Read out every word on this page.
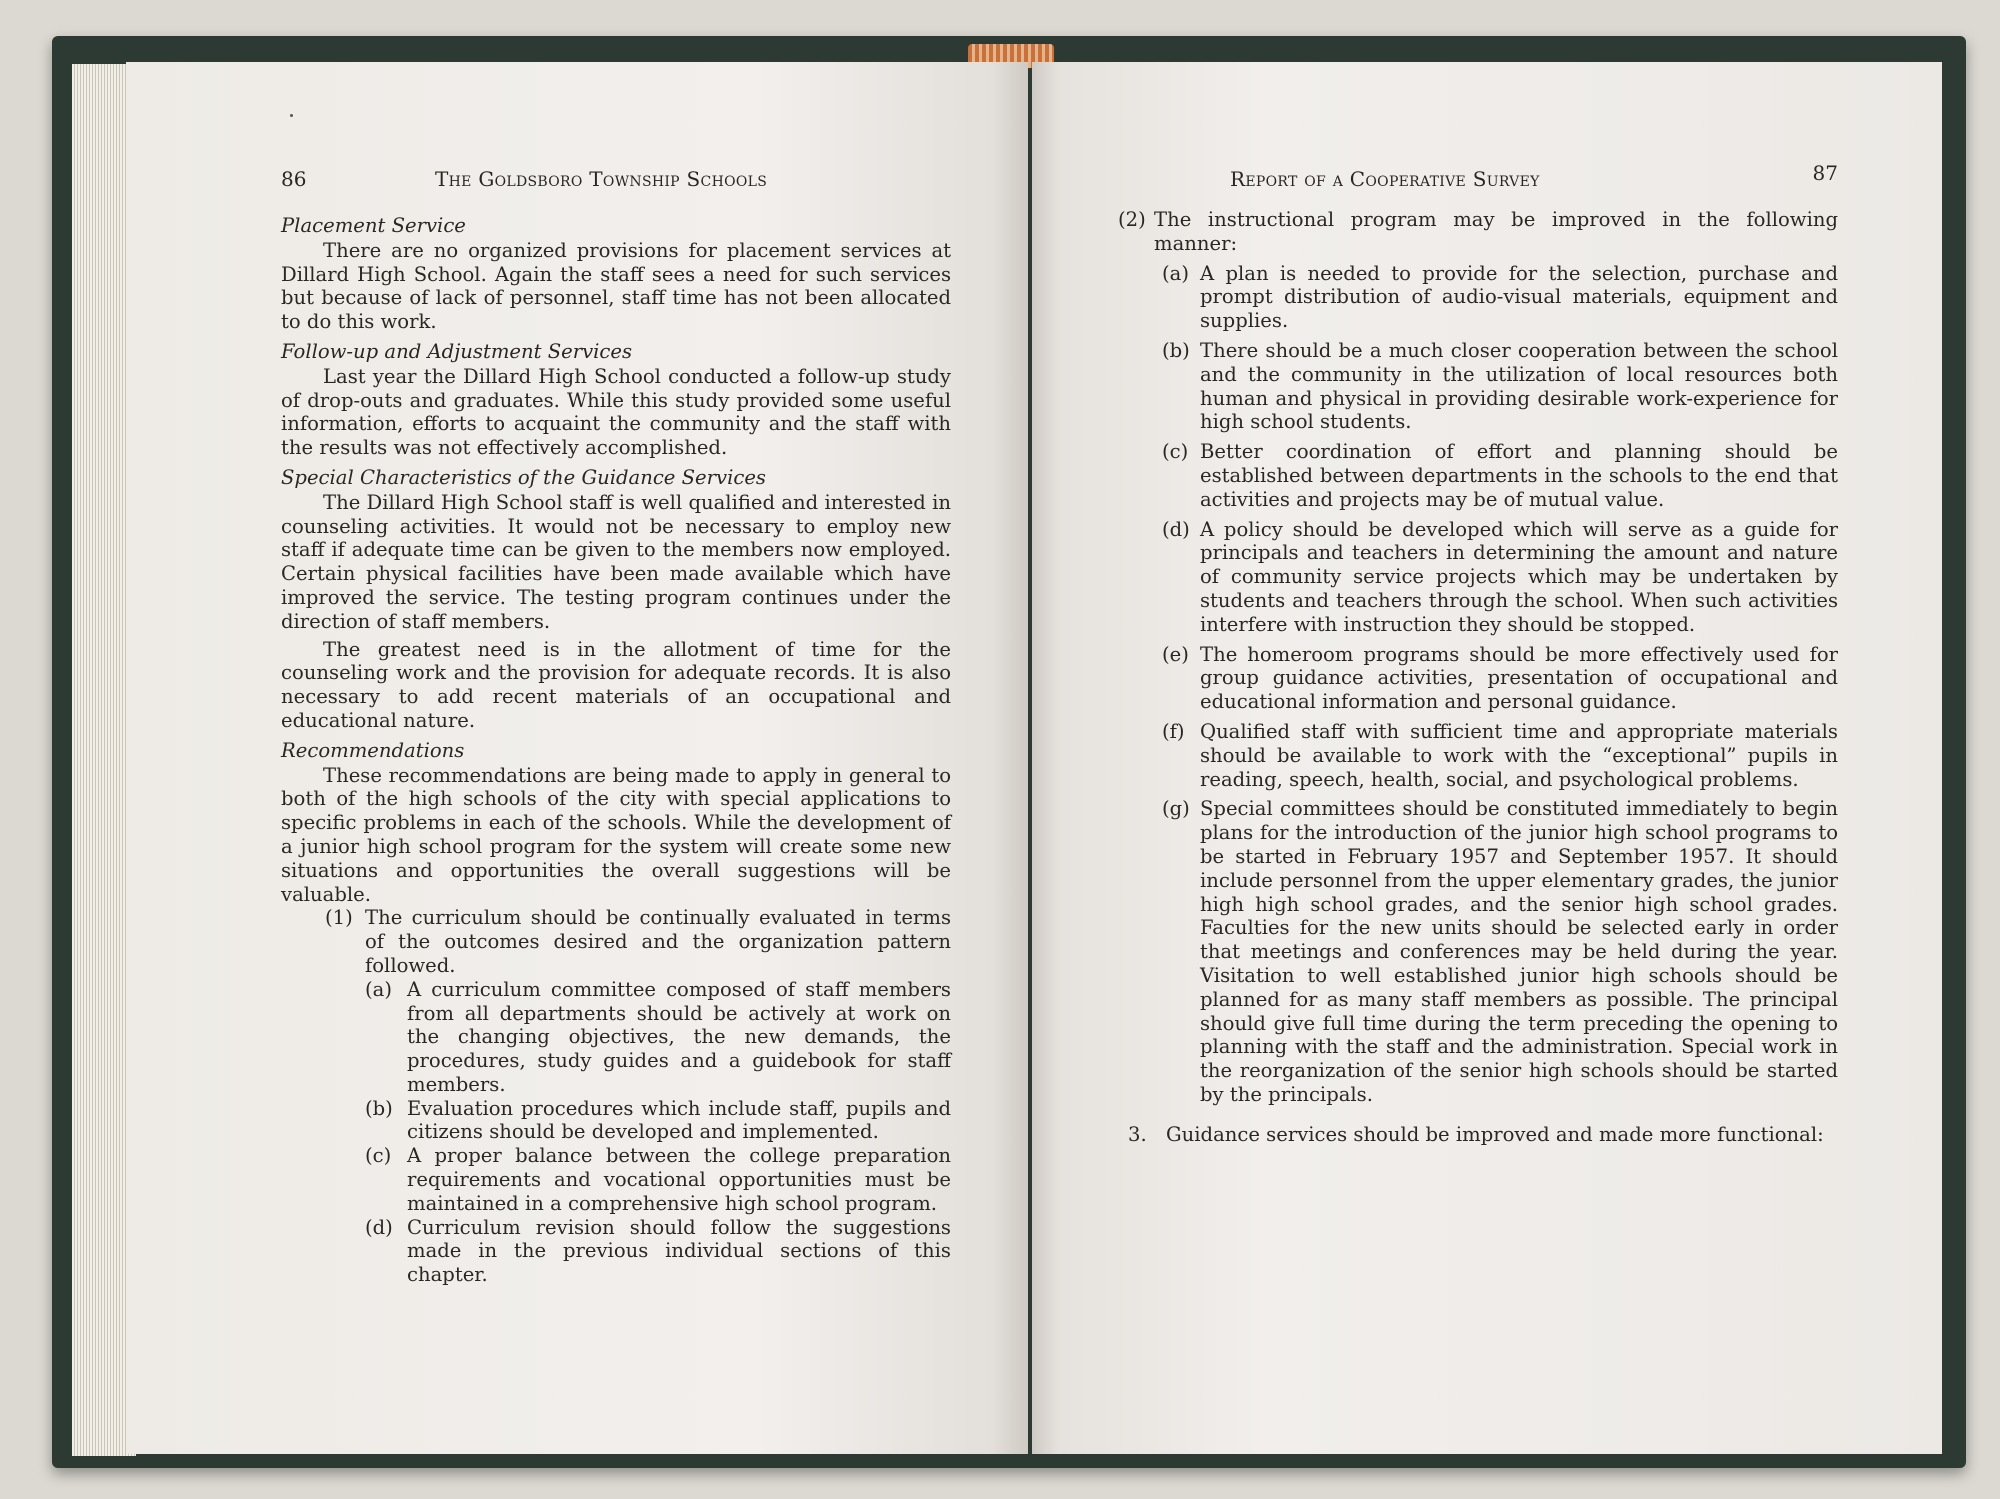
86	The Goldsboro Township Schools
Placement Service

There are no organized provisions for placement services at Dillard High School. Again the staff sees a need for such services but because of lack of personnel, staff time has not been allocated to do this work.

Follow-up and Adjustment Services

Last year the Dillard High School conducted a follow-up study of drop-outs and graduates. While this study provided some useful information, efforts to acquaint the community and the staff with the results was not effectively accomplished.

Special Characteristics of the Guidance Services

The Dillard High School staff is well qualified and interested in counseling activities. It would not be necessary to employ new staff if adequate time can be given to the members now employed. Certain physical facilities have been made available which have improved the service. The testing program continues under the direction of staff members.

The greatest need is in the allotment of time for the counseling work and the provision for adequate records. It is also necessary to add recent materials of an occupational and educational nature.

Recommendations

These recommendations are being made to apply in general to both of the high schools of the city with special applications to specific problems in each of the schools. While the development of a junior high school program for the system will create some new situations and opportunities the overall suggestions will be valuable.

(1) The curriculum should be continually evaluated in terms of the outcomes desired and the organization pattern followed.
(a) A curriculum committee composed of staff members from all departments should be actively at work on the changing objectives, the new demands, the procedures, study guides and a guidebook for staff members.
(b) Evaluation procedures which include staff, pupils and citizens should be developed and implemented.
(c) A proper balance between the college preparation requirements and vocational opportunities must be maintained in a comprehensive high school program.
(d) Curriculum revision should follow the suggestions made in the previous individual sections of this chapter.
Report of a Cooperative Survey	87
(2) The instructional program may be improved in the following manner:
(a) A plan is needed to provide for the selection, purchase and prompt distribution of audio-visual materials, equipment and supplies.
(b) There should be a much closer cooperation between the school and the community in the utilization of local resources both human and physical in providing desirable work-experience for high school students.
(c) Better coordination of effort and planning should be established between departments in the schools to the end that activities and projects may be of mutual value.
(d) A policy should be developed which will serve as a guide for principals and teachers in determining the amount and nature of community service projects which may be undertaken by students and teachers through the school. When such activities interfere with instruction they should be stopped.
(e) The homeroom programs should be more effectively used for group guidance activities, presentation of occupational and educational information and personal guidance.
(f) Qualified staff with sufficient time and appropriate materials should be available to work with the “exceptional” pupils in reading, speech, health, social, and psychological problems.
(g) Special committees should be constituted immediately to begin plans for the introduction of the junior high school programs to be started in February 1957 and September 1957. It should include personnel from the upper elementary grades, the junior high high school grades, and the senior high school grades. Faculties for the new units should be selected early in order that meetings and conferences may be held during the year. Visitation to well established junior high schools should be planned for as many staff members as possible. The principal should give full time during the term preceding the opening to planning with the staff and the administration. Special work in the reorganization of the senior high schools should be started by the principals.
3. Guidance services should be improved and made more functional:
